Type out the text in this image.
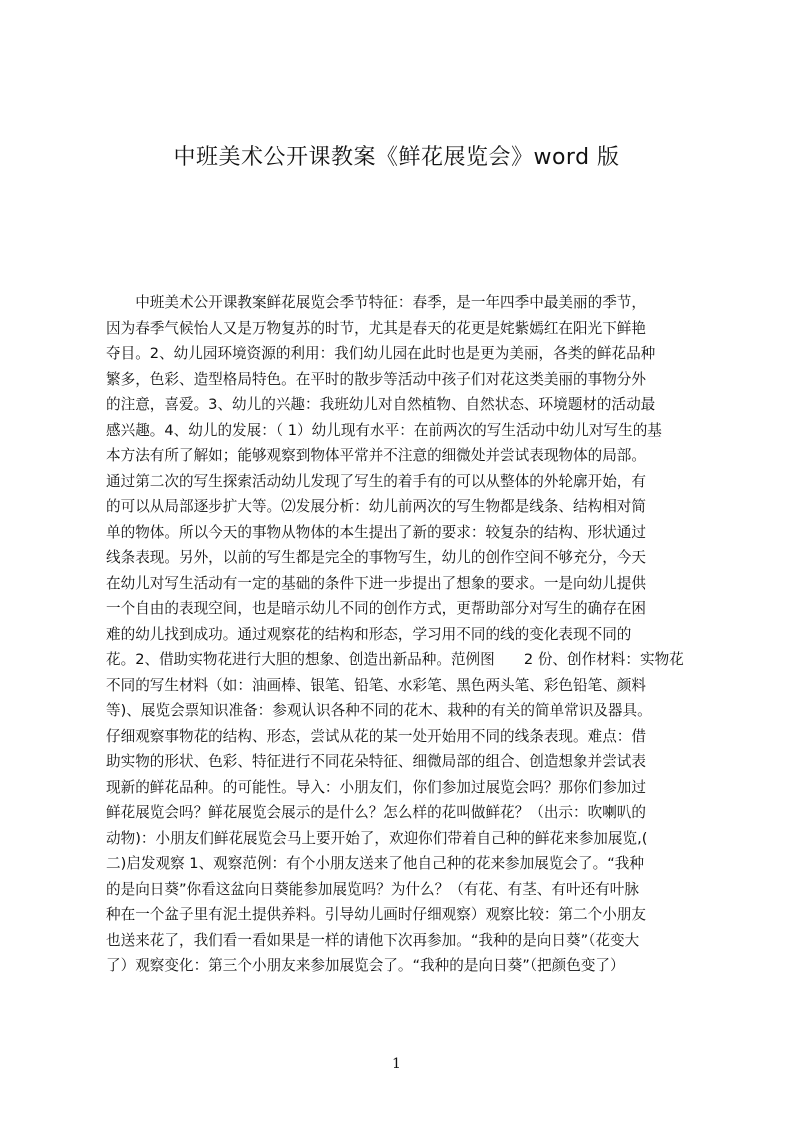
中班美术公开课教案《鲜花展览会》word 版
　　中班美术公开课教案鲜花展览会季节特征：春季，是一年四季中最美丽的季节，
因为春季气候怡人又是万物复苏的时节，尤其是春天的花更是姹紫嫣红在阳光下鲜艳
夺目。2、幼儿园环境资源的利用：我们幼儿园在此时也是更为美丽，各类的鲜花品种
繁多，色彩、造型格局特色。在平时的散步等活动中孩子们对花这类美丽的事物分外
的注意，喜爱。3、幼儿的兴趣：我班幼儿对自然植物、自然状态、环境题材的活动最
感兴趣。4、幼儿的发展：（ 1）幼儿现有水平：在前两次的写生活动中幼儿对写生的基
本方法有所了解如；能够观察到物体平常并不注意的细微处并尝试表现物体的局部。
通过第二次的写生探索活动幼儿发现了写生的着手有的可以从整体的外轮廓开始，有
的可以从局部逐步扩大等。⑵发展分析：幼儿前两次的写生物都是线条、结构相对简
单的物体。所以今天的事物从物体的本生提出了新的要求：较复杂的结构、形状通过
线条表现。另外，以前的写生都是完全的事物写生，幼儿的创作空间不够充分，今天
在幼儿对写生活动有一定的基础的条件下进一步提出了想象的要求。一是向幼儿提供
一个自由的表现空间，也是暗示幼儿不同的创作方式，更帮助部分对写生的确存在困
难的幼儿找到成功。通过观察花的结构和形态，学习用不同的线的变化表现不同的
花。2、借助实物花进行大胆的想象、创造出新品种。范例图　　2 份、创作材料：实物花
不同的写生材料（如：油画棒、银笔、铅笔、水彩笔、黑色两头笔、彩色铅笔、颜料
等)、展览会票知识准备：参观认识各种不同的花木、栽种的有关的简单常识及器具。
仔细观察事物花的结构、形态，尝试从花的某一处开始用不同的线条表现。难点：借
助实物的形状、色彩、特征进行不同花朵特征、细微局部的组合、创造想象并尝试表
现新的鲜花品种。的可能性。导入：小朋友们，你们参加过展览会吗？那你们参加过
鲜花展览会吗？鲜花展览会展示的是什么？怎么样的花叫做鲜花？（出示：吹喇叭的
动物)：小朋友们鲜花展览会马上要开始了，欢迎你们带着自己种的鲜花来参加展览,(
二)启发观察 1、观察范例：有个小朋友送来了他自己种的花来参加展览会了。“我种
的是向日葵”你看这盆向日葵能参加展览吗？为什么？（有花、有茎、有叶还有叶脉
种在一个盆子里有泥土提供养料。引导幼儿画时仔细观察）观察比较：第二个小朋友
也送来花了，我们看一看如果是一样的请他下次再参加。“我种的是向日葵”（花变大
了）观察变化：第三个小朋友来参加展览会了。“我种的是向日葵”（把颜色变了）
1
